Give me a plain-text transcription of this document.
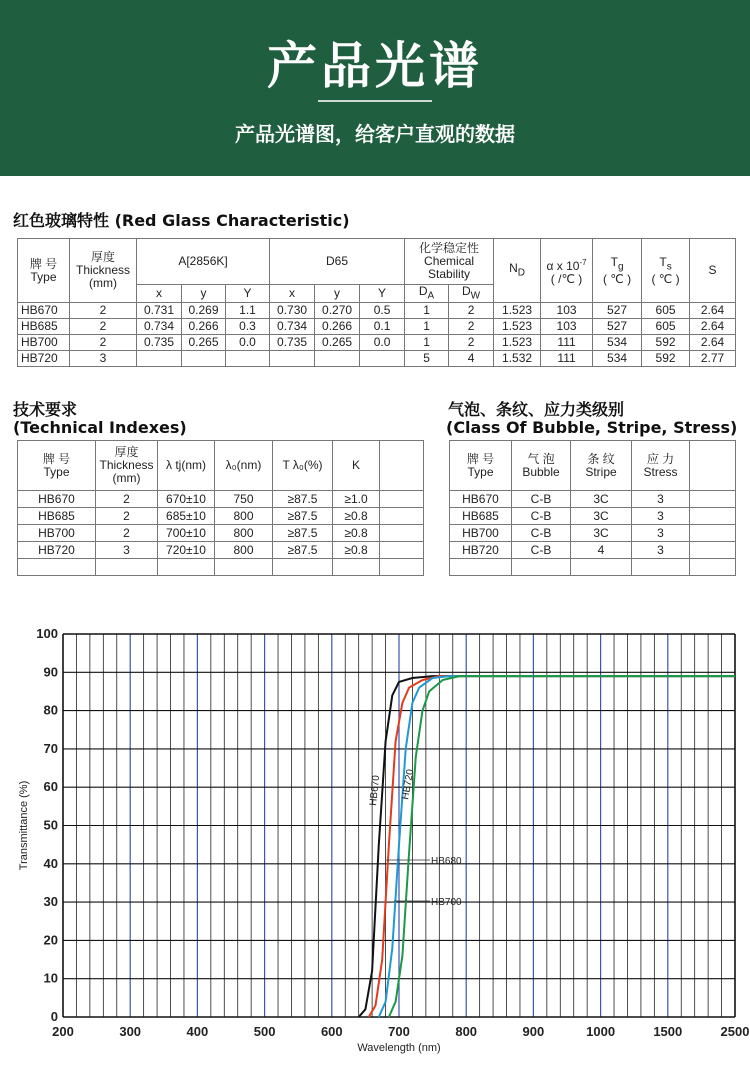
产品光谱
产品光谱图，给客户直观的数据
红色玻璃特性 (Red Glass Characteristic)
牌 号
Type	厚度
Thickness
(mm)	A[2856K]			D65			化学稳定性
Chemical
Stability		$N_D$	α x $10^{-7}$
( /℃ )	$T_g$
( ℃ )	$T_s$
( ℃ )	S
		x	y	Y	x	y	Y	$D_A$	$D_W$
HB670	2	0.731	0.269	1.1	0.730	0.270	0.5	1	2	1.523	103	527	605	2.64
HB685	2	0.734	0.266	0.3	0.734	0.266	0.1	1	2	1.523	103	527	605	2.64
HB700	2	0.735	0.265	0.0	0.735	0.265	0.0	1	2	1.523	111	534	592	2.64
HB720	3							5	4	1.532	111	534	592	2.77
技术要求
(Technical Indexes)
牌 号
Type	厚度
Thickness
(mm)	λ tj(nm)	λ₀(nm)	T λ₀(%)	K	
HB670	2	670±10	750	≥87.5	≥1.0	
HB685	2	685±10	800	≥87.5	≥0.8	
HB700	2	700±10	800	≥87.5	≥0.8	
HB720	3	720±10	800	≥87.5	≥0.8	

气泡、条纹、应力类级别
(Class Of Bubble, Stripe, Stress)
牌 号
Type	气 泡
Bubble	条 纹
Stripe	应 力
Stress	
HB670	C-B	3C	3	
HB685	C-B	3C	3	
HB700	C-B	3C	3	
HB720	C-B	4	3	

0
10
20
30
40
50
60
70
80
90
100
200	300	400	500	600	700	800	900	1000	1500	2500
Wavelength (nm)
Transmittance (%)	HB670 HB720
HB680
HB700
